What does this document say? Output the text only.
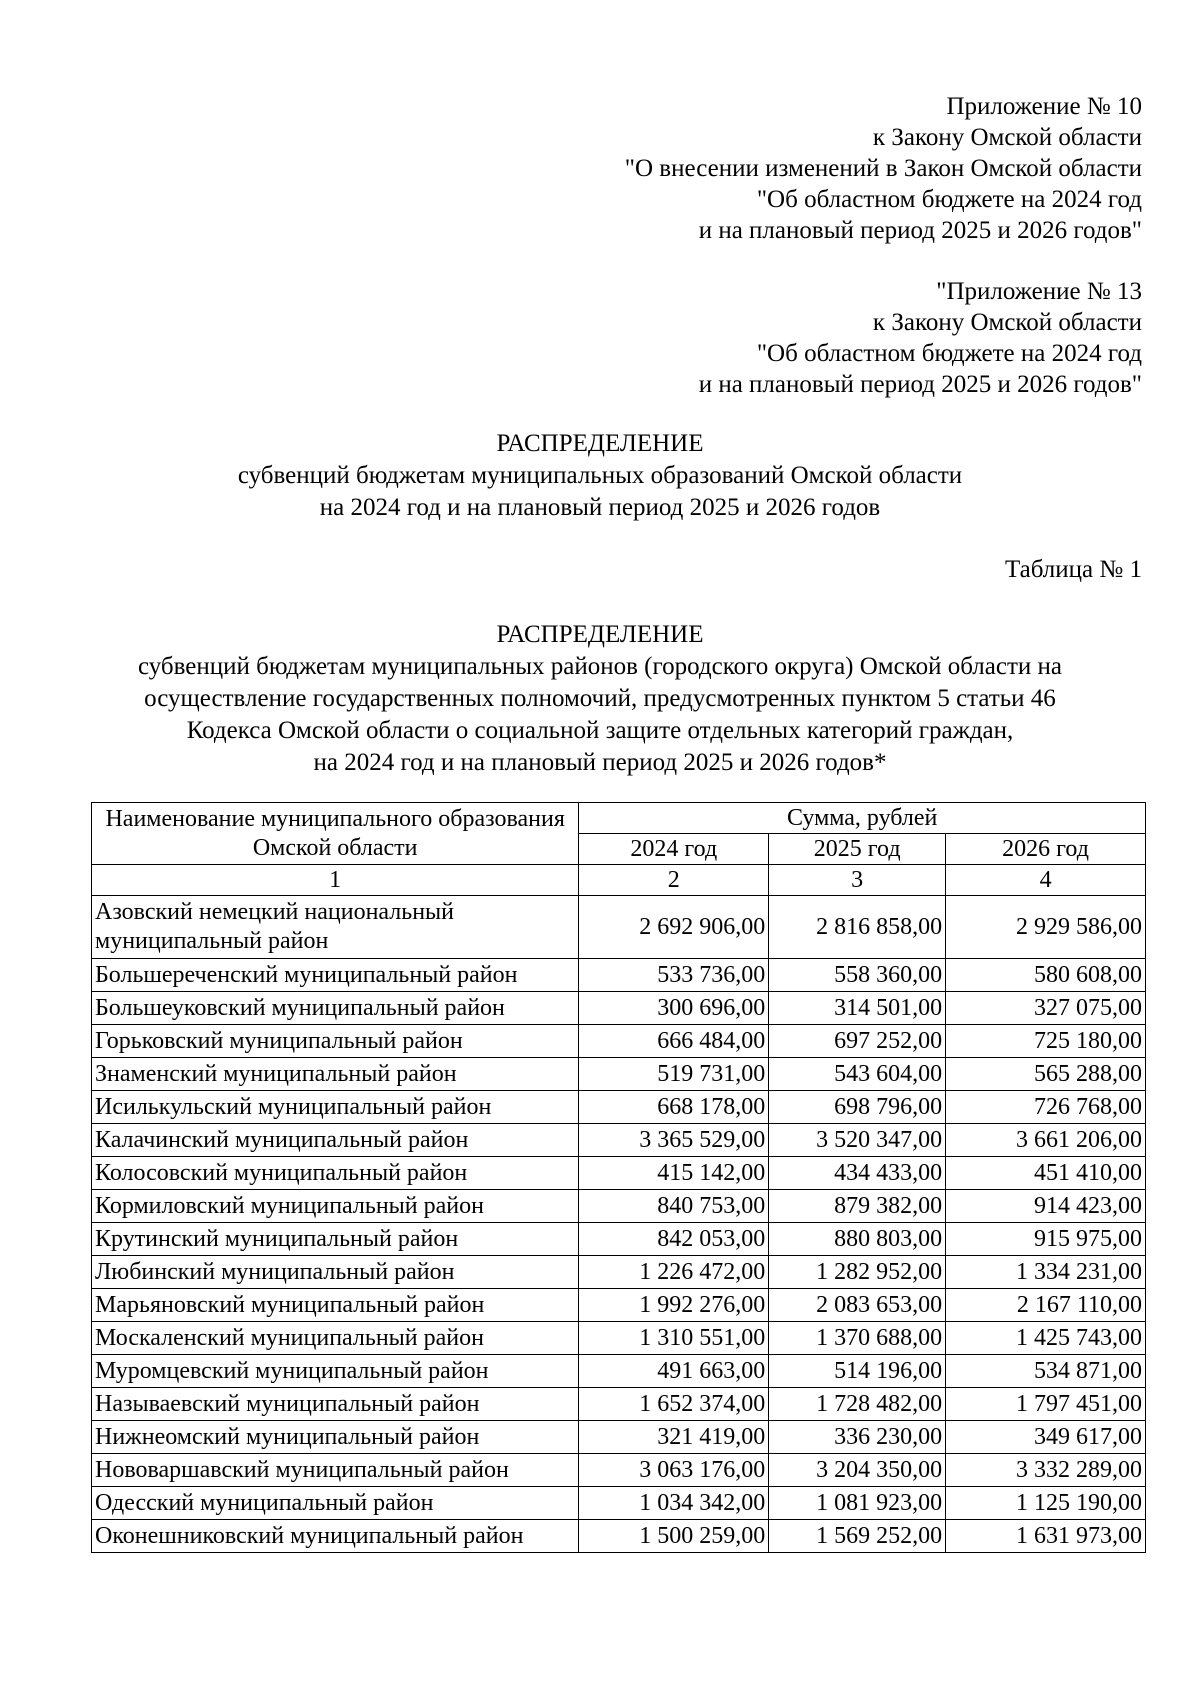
Приложение № 10
к Закону Омской области
"О внесении изменений в Закон Омской области
"Об областном бюджете на 2024 год
и на плановый период 2025 и 2026 годов"
"Приложение № 13
к Закону Омской области
"Об областном бюджете на 2024 год
и на плановый период 2025 и 2026 годов"
РАСПРЕДЕЛЕНИЕ
субвенций бюджетам муниципальных образований Омской области
на 2024 год и на плановый период 2025 и 2026 годов
Таблица № 1
РАСПРЕДЕЛЕНИЕ
субвенций бюджетам муниципальных районов (городского округа) Омской области на
осуществление государственных полномочий, предусмотренных пунктом 5 статьи 46
Кодекса Омской области о социальной защите отдельных категорий граждан,
на 2024 год и на плановый период 2025 и 2026 годов*
Наименование муниципального образования Омской области	Сумма, рублей		
	2024 год	2025 год	2026 год
1	2	3	4
Азовский немецкий национальный муниципальный район	2 692 906,00	2 816 858,00	2 929 586,00
Большереченский муниципальный район	533 736,00	558 360,00	580 608,00
Большеуковский муниципальный район	300 696,00	314 501,00	327 075,00
Горьковский муниципальный район	666 484,00	697 252,00	725 180,00
Знаменский муниципальный район	519 731,00	543 604,00	565 288,00
Исилькульский муниципальный район	668 178,00	698 796,00	726 768,00
Калачинский муниципальный район	3 365 529,00	3 520 347,00	3 661 206,00
Колосовский муниципальный район	415 142,00	434 433,00	451 410,00
Кормиловский муниципальный район	840 753,00	879 382,00	914 423,00
Крутинский муниципальный район	842 053,00	880 803,00	915 975,00
Любинский муниципальный район	1 226 472,00	1 282 952,00	1 334 231,00
Марьяновский муниципальный район	1 992 276,00	2 083 653,00	2 167 110,00
Москаленский муниципальный район	1 310 551,00	1 370 688,00	1 425 743,00
Муромцевский муниципальный район	491 663,00	514 196,00	534 871,00
Называевский муниципальный район	1 652 374,00	1 728 482,00	1 797 451,00
Нижнеомский муниципальный район	321 419,00	336 230,00	349 617,00
Нововаршавский муниципальный район	3 063 176,00	3 204 350,00	3 332 289,00
Одесский муниципальный район	1 034 342,00	1 081 923,00	1 125 190,00
Оконешниковский муниципальный район	1 500 259,00	1 569 252,00	1 631 973,00
